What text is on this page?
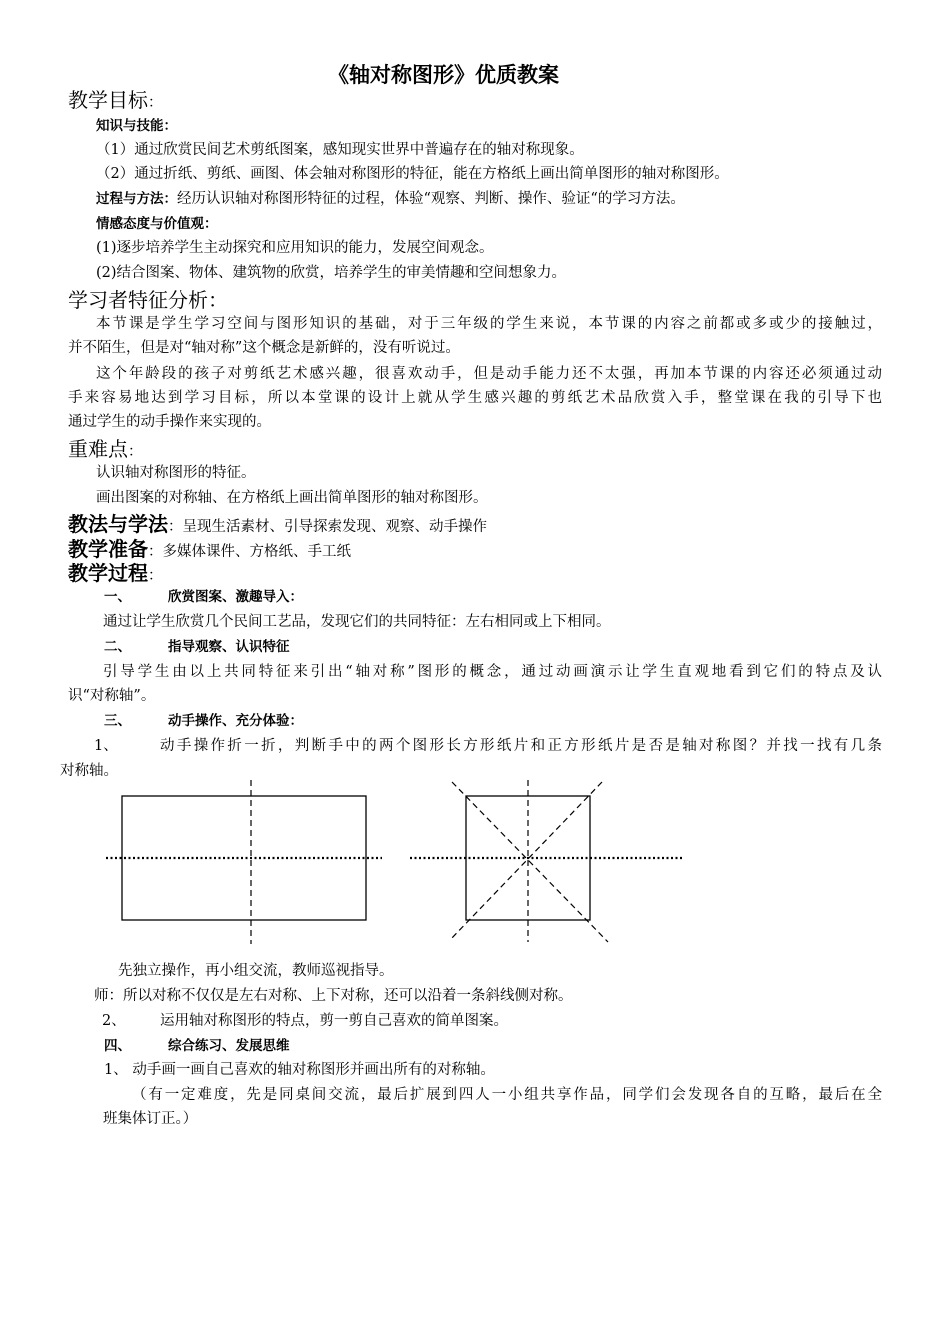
《轴对称图形》优质教案
教学目标：
知识与技能：
（1）通过欣赏民间艺术剪纸图案，感知现实世界中普遍存在的轴对称现象。
（2）通过折纸、剪纸、画图、体会轴对称图形的特征，能在方格纸上画出简单图形的轴对称图形。
过程与方法：经历认识轴对称图形特征的过程，体验“观察、判断、操作、验证“的学习方法。
情感态度与价值观：
(1)逐步培养学生主动探究和应用知识的能力，发展空间观念。
(2)结合图案、物体、建筑物的欣赏，培养学生的审美情趣和空间想象力。
学习者特征分析：
本节课是学生学习空间与图形知识的基础，对于三年级的学生来说，本节课的内容之前都或多或少的接触过，
并不陌生，但是对“轴对称”这个概念是新鲜的，没有听说过。
这个年龄段的孩子对剪纸艺术感兴趣，很喜欢动手，但是动手能力还不太强，再加本节课的内容还必须通过动
手来容易地达到学习目标，所以本堂课的设计上就从学生感兴趣的剪纸艺术品欣赏入手，整堂课在我的引导下也
通过学生的动手操作来实现的。
重难点：
认识轴对称图形的特征。
画出图案的对称轴、在方格纸上画出简单图形的轴对称图形。
教法与学法：呈现生活素材、引导探索发现、观察、动手操作
教学准备：多媒体课件、方格纸、手工纸
教学过程：
一、	欣赏图案、激趣导入：
通过让学生欣赏几个民间工艺品，发现它们的共同特征：左右相同或上下相同。
二、	指导观察、认识特征
引导学生由以上共同特征来引出“轴对称”图形的概念，通过动画演示让学生直观地看到它们的特点及认
识“对称轴”。
三、	动手操作、充分体验：
1、	动手操作折一折，判断手中的两个图形长方形纸片和正方形纸片是否是轴对称图？并找一找有几条
对称轴。
先独立操作，再小组交流，教师巡视指导。
师：所以对称不仅仅是左右对称、上下对称，还可以沿着一条斜线侧对称。
2、 运用轴对称图形的特点，剪一剪自己喜欢的简单图案。
四、	综合练习、发展思维
1、 动手画一画自己喜欢的轴对称图形并画出所有的对称轴。
（有一定难度，先是同桌间交流，最后扩展到四人一小组共享作品，同学们会发现各自的互略，最后在全
班集体订正。）
